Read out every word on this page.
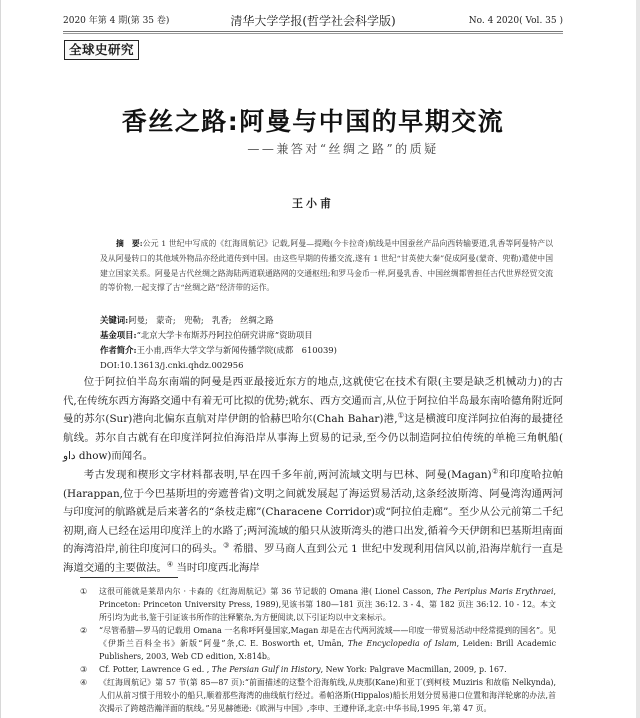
2020 年第 4 期(第 35 卷)	清华大学学报(哲学社会科学版)	No. 4 2020( Vol. 35 )
全球史研究
香丝之路:阿曼与中国的早期交流
——兼答对“丝绸之路”的质疑
王小甫
摘　要:公元 1 世纪中写成的《红海周航记》记载,阿曼—提飏(今卡拉奇)航线是中国蚕丝产品向西转输要道,乳香等阿曼特产以及从阿曼转口的其他域外物品亦经此道传到中国。由这些早期的传播交流,遂有 1 世纪“甘英使大秦”促成阿曼(蒙奇、兜勒)遣使中国建立国家关系。阿曼是古代丝绸之路海陆两道联通路网的交通枢纽;和罗马金币一样,阿曼乳香、中国丝绸都曾担任古代世界经贸交流的等价物,一起支撑了古“丝绸之路”经济带的运作。
关键词:阿曼;　蒙奇;　兜勒;　乳香;　丝绸之路
基金项目:“北京大学卡布斯苏丹阿拉伯研究讲席”资助项目
作者简介:王小甫,西华大学文学与新闻传播学院(成都　610039)
DOI:10.13613/j.cnki.qhdz.002956

位于阿拉伯半岛东南端的阿曼是西亚最接近东方的地点,这就使它在技术有限(主要是缺乏机械动力)的古代,在传统东西方海路交通中有着无可比拟的优势;就东、西方交通而言,从位于阿拉伯半岛最东南哈德角附近阿曼的苏尔(Sur)港向北偏东直航对岸伊朗的恰赫巴哈尔(Chah Bahar)港,①这是横渡印度洋阿拉伯海的最捷径航线。苏尔自古就有在印度洋阿拉伯海沿岸从事海上贸易的记录,至今仍以制造阿拉伯传统的单桅三角帆船( داو dhow)而闻名。

考古发现和楔形文字材料都表明,早在四千多年前,两河流域文明与巴林、阿曼(Magan)②和印度哈拉帕(Harappan,位于今巴基斯坦的旁遮普省)文明之间就发展起了海运贸易活动,这条经波斯湾、阿曼湾沟通两河与印度河的航路就是后来著名的“条枝走廊”(Characene Corridor)或“阿拉伯走廊”。至少从公元前第二千纪初期,商人已经在运用印度洋上的水路了;两河流域的船只从波斯湾头的港口出发,循着今天伊朗和巴基斯坦南面的海湾沿岸,前往印度河口的码头。③ 希腊、罗马商人直到公元 1 世纪中发现利用信风以前,沿海岸航行一直是海道交通的主要做法。④ 当时印度西北海岸

① 这很可能就是莱昂内尔 · 卡森的《红海周航记》第 36 节记载的 Omana 港( Lionel Casson, The Periplus Maris Erythraei, Princeton: Princeton University Press, 1989),见该书第 180—181 页注 36:12. 3 - 4、第 182 页注 36:12. 10 - 12。本文所引均为此书,鉴于引证该书所作的注释繁杂,为方便阅读,以下引证均以中文来标示。
② “尽管希腊—罗马的记载用 Omana 一名称呼阿曼国家,Magan 却是在古代两河流域——印度一带贸易活动中经常提到的国名”。见《伊斯兰百科全书》新版“阿曼”条,C. E. Bosworth et, Umān, The Encyclopedia of Islam, Leiden: Brill Academic Publishers, 2003, Web CD edition, X:814b。
③ Cf. Potter, Lawrence G ed. , The Persian Gulf in History, New York: Palgrave Macmillan, 2009, p. 167.
④ 《红海周航记》第 57 节(第 85—87 页):“前面描述的这整个沿海航线,从庚那(Kane)和亚丁(到柯枝 Muziris 和故临 Nelkynda),人们从前习惯于用较小的船只,顺着那些海湾的曲线航行经过。希帕洛斯(Hippalos)船长用划分贸易港口位置和海洋轮廓的办法,首次揭示了跨越浩瀚洋面的航线。”另见赫德逊:《欧洲与中国》,李申、王遵仲译,北京:中华书局,1995 年,第 47 页。
